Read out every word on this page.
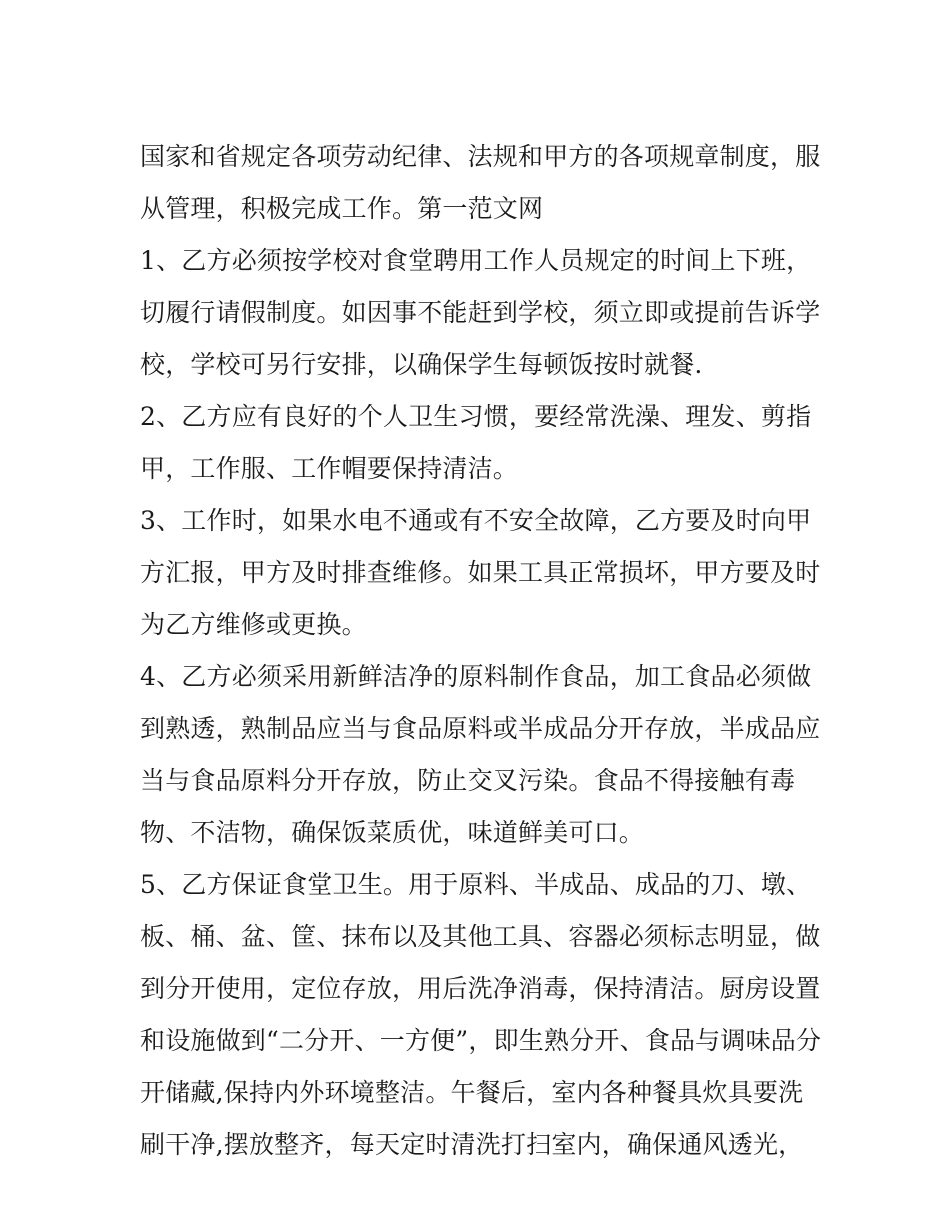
国家和省规定各项劳动纪律、法规和甲方的各项规章制度，服
从管理，积极完成工作。第一范文网
1、乙方必须按学校对食堂聘用工作人员规定的时间上下班，
切履行请假制度。如因事不能赶到学校，须立即或提前告诉学
校，学校可另行安排，以确保学生每顿饭按时就餐.
2、乙方应有良好的个人卫生习惯，要经常洗澡、理发、剪指
甲，工作服、工作帽要保持清洁。
3、工作时，如果水电不通或有不安全故障，乙方要及时向甲
方汇报，甲方及时排查维修。如果工具正常损坏，甲方要及时
为乙方维修或更换。
4、乙方必须采用新鲜洁净的原料制作食品，加工食品必须做
到熟透，熟制品应当与食品原料或半成品分开存放，半成品应
当与食品原料分开存放，防止交叉污染。食品不得接触有毒
物、不洁物，确保饭菜质优，味道鲜美可口。
5、乙方保证食堂卫生。用于原料、半成品、成品的刀、墩、
板、桶、盆、筐、抹布以及其他工具、容器必须标志明显，做
到分开使用，定位存放，用后洗净消毒，保持清洁。厨房设置
和设施做到“二分开、一方便”，即生熟分开、食品与调味品分
开储藏,保持内外环境整洁。午餐后，室内各种餐具炊具要洗
刷干净,摆放整齐，每天定时清洗打扫室内，确保通风透光，
